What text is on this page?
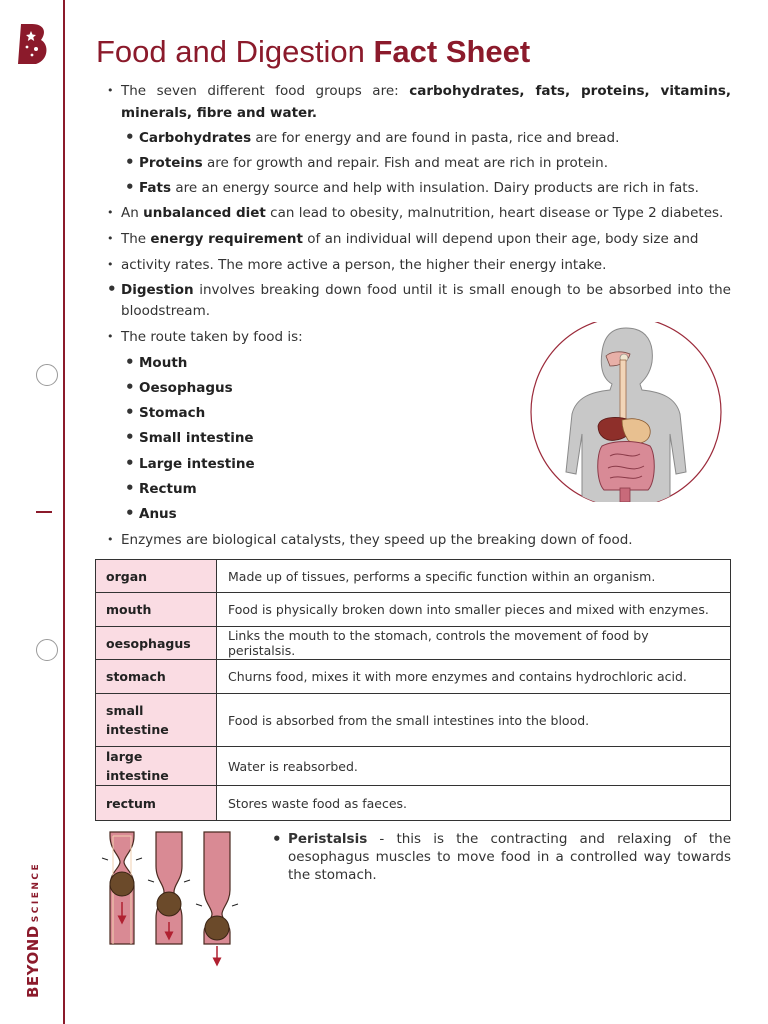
BEYONDSCIENCE
Food and Digestion Fact Sheet
• The seven different food groups are: carbohydrates, fats, proteins, vitamins,
minerals, fibre and water.
• Carbohydrates are for energy and are found in pasta, rice and bread.
• Proteins are for growth and repair. Fish and meat are rich in protein.
• Fats are an energy source and help with insulation. Dairy products are rich in fats.
• An unbalanced diet can lead to obesity, malnutrition, heart disease or Type 2 diabetes.
• The energy requirement of an individual will depend upon their age, body size and
• activity rates. The more active a person, the higher their energy intake.
• Digestion involves breaking down food until it is small enough to be absorbed into the
bloodstream.
• The route taken by food is:
• Mouth
• Oesophagus
• Stomach
• Small intestine
• Large intestine
• Rectum
• Anus
• Enzymes are biological catalysts, they speed up the breaking down of food.
organ	Made up of tissues, performs a specific function within an organism.
mouth	Food is physically broken down into smaller pieces and mixed with enzymes.
oesophagus	Links the mouth to the stomach, controls the movement of food by peristalsis.
stomach	Churns food, mixes it with more enzymes and contains hydrochloric acid.
small
intestine	Food is absorbed from the small intestines into the blood.
large intestine	Water is reabsorbed.
rectum	Stores waste food as faeces.
• Peristalsis - this is the contracting and relaxing of the oesophagus muscles to move food in a controlled way towards the stomach.
